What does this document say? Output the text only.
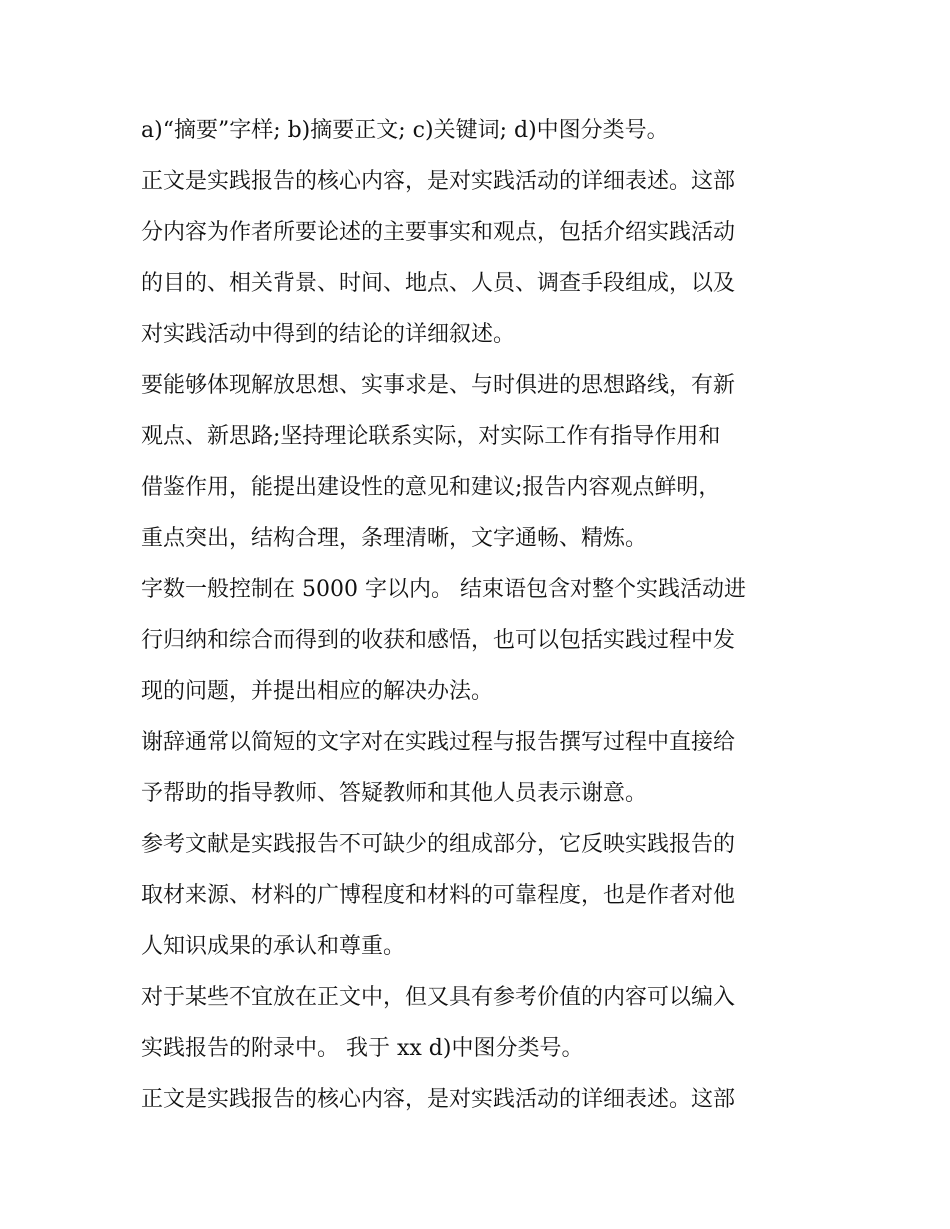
a)“摘要”字样; b)摘要正文; c)关键词; d)中图分类号。
正文是实践报告的核心内容，是对实践活动的详细表述。这部
分内容为作者所要论述的主要事实和观点，包括介绍实践活动
的目的、相关背景、时间、地点、人员、调查手段组成，以及
对实践活动中得到的结论的详细叙述。
要能够体现解放思想、实事求是、与时俱进的思想路线，有新
观点、新思路;坚持理论联系实际，对实际工作有指导作用和
借鉴作用，能提出建设性的意见和建议;报告内容观点鲜明，
重点突出，结构合理，条理清晰，文字通畅、精炼。
字数一般控制在 5000 字以内。 结束语包含对整个实践活动进
行归纳和综合而得到的收获和感悟，也可以包括实践过程中发
现的问题，并提出相应的解决办法。
谢辞通常以简短的文字对在实践过程与报告撰写过程中直接给
予帮助的指导教师、答疑教师和其他人员表示谢意。
参考文献是实践报告不可缺少的组成部分，它反映实践报告的
取材来源、材料的广博程度和材料的可靠程度，也是作者对他
人知识成果的承认和尊重。
对于某些不宜放在正文中，但又具有参考价值的内容可以编入
实践报告的附录中。 我于 xx d)中图分类号。
正文是实践报告的核心内容，是对实践活动的详细表述。这部
